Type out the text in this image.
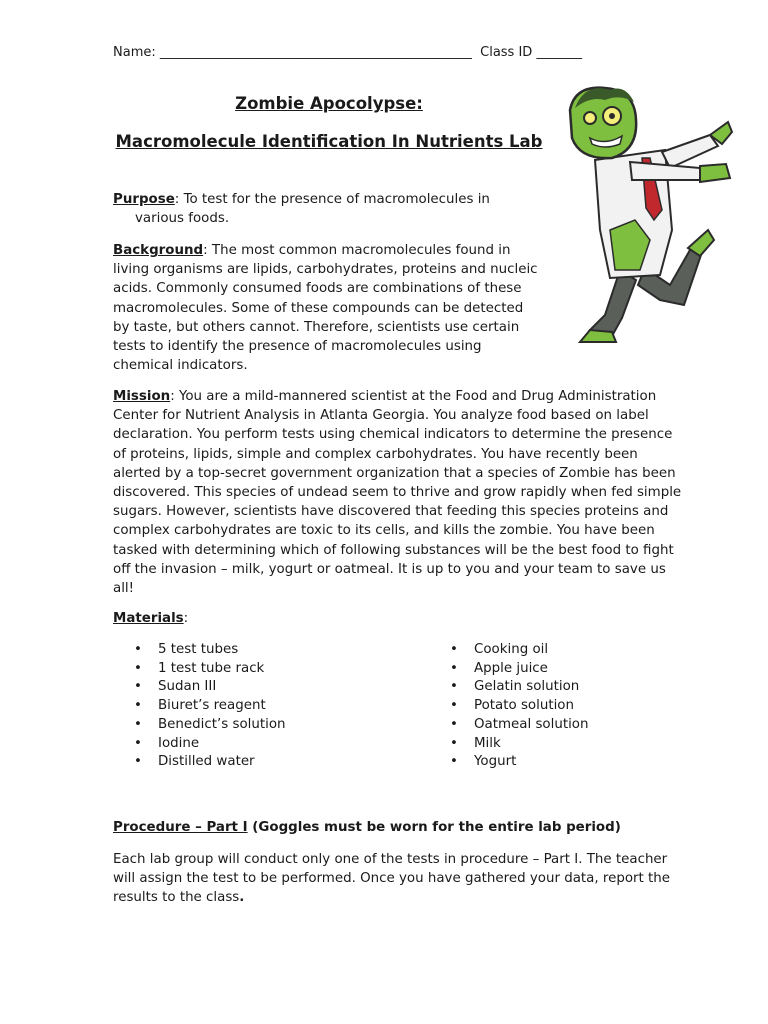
Name: ________________________________________________  Class ID _______
Zombie Apocolypse:
Macromolecule Identification In Nutrients Lab
Purpose: To test for the presence of macromolecules in
various foods.
Background: The most common macromolecules found in living organisms are lipids, carbohydrates, proteins and nucleic acids. Commonly consumed foods are combinations of these macromolecules. Some of these compounds can be detected by taste, but others cannot. Therefore, scientists use certain tests to identify the presence of macromolecules using chemical indicators.
Mission: You are a mild-mannered scientist at the Food and Drug Administration Center for Nutrient Analysis in Atlanta Georgia. You analyze food based on label declaration. You perform tests using chemical indicators to determine the presence of proteins, lipids, simple and complex carbohydrates. You have recently been alerted by a top-secret government organization that a species of Zombie has been discovered. This species of undead seem to thrive and grow rapidly when fed simple sugars. However, scientists have discovered that feeding this species proteins and complex carbohydrates are toxic to its cells, and kills the zombie. You have been tasked with determining which of following substances will be the best food to fight off the invasion – milk, yogurt or oatmeal. It is up to you and your team to save us all!
Materials:
• 5 test tubes
• 1 test tube rack
• Sudan III
• Biuret’s reagent
• Benedict’s solution
• Iodine
• Distilled water
• Cooking oil
• Apple juice
• Gelatin solution
• Potato solution
• Oatmeal solution
• Milk
• Yogurt
Procedure – Part I (Goggles must be worn for the entire lab period)
Each lab group will conduct only one of the tests in procedure – Part I. The teacher will assign the test to be performed. Once you have gathered your data, report the results to the class.
